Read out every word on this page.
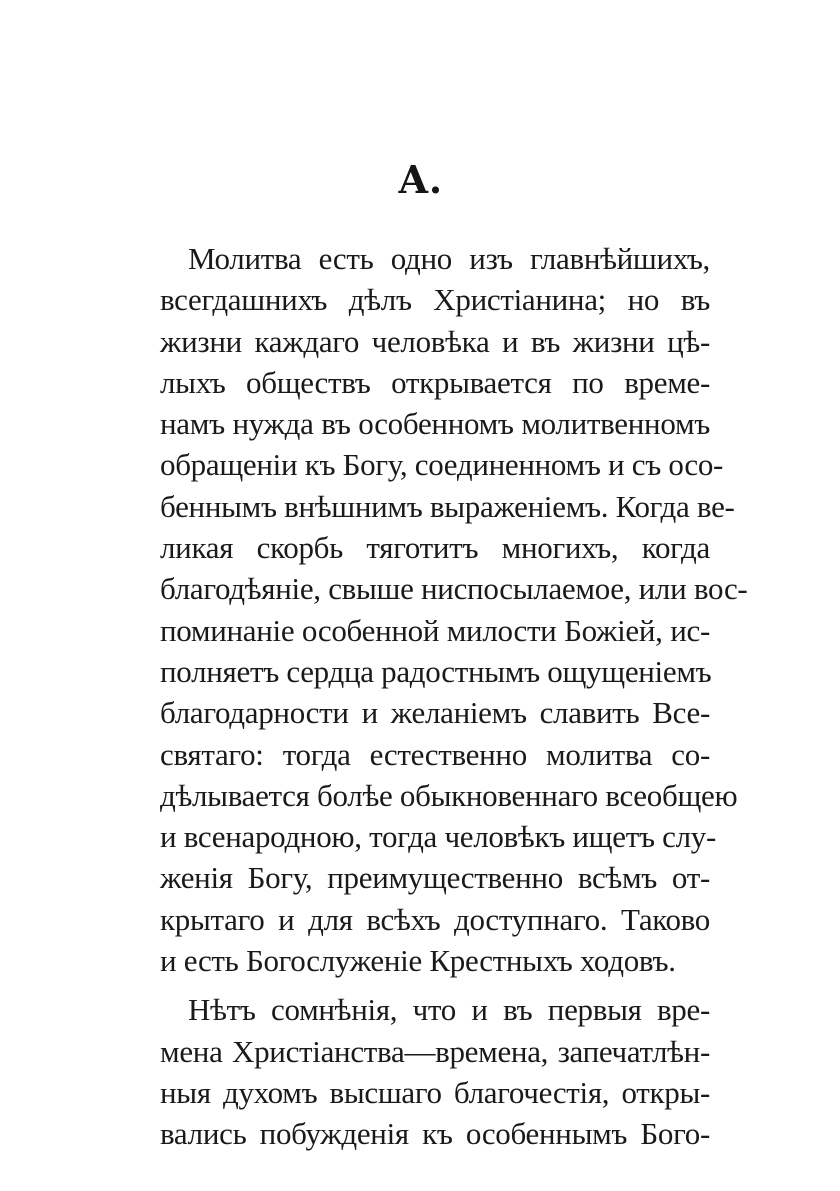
А.
Молитва есть одно изъ главнѣйшихъ,
всегдашнихъ дѣлъ Христіанина; но въ
жизни каждаго человѣка и въ жизни цѣ-
лыхъ обществъ открывается по време-
намъ нужда въ особенномъ молитвенномъ
обращеніи къ Богу, соединенномъ и съ осо-
беннымъ внѣшнимъ выраженіемъ. Когда ве-
ликая скорбь тяготитъ многихъ, когда
благодѣяніе, свыше ниспосылаемое, или вос-
поминаніе особенной милости Божіей, ис-
полняетъ сердца радостнымъ ощущеніемъ
благодарности и желаніемъ славить Все-
святаго: тогда естественно молитва со-
дѣлывается болѣе обыкновеннаго всеобщею
и всенародною, тогда человѣкъ ищетъ слу-
женія Богу, преимущественно всѣмъ от-
крытаго и для всѣхъ доступнаго. Таково
и есть Богослуженіе Крестныхъ ходовъ.
Нѣтъ сомнѣнія, что и въ первыя вре-
мена Христіанства—времена, запечатлѣн-
ныя духомъ высшаго благочестія, откры-
вались побужденія къ особеннымъ Бого-
